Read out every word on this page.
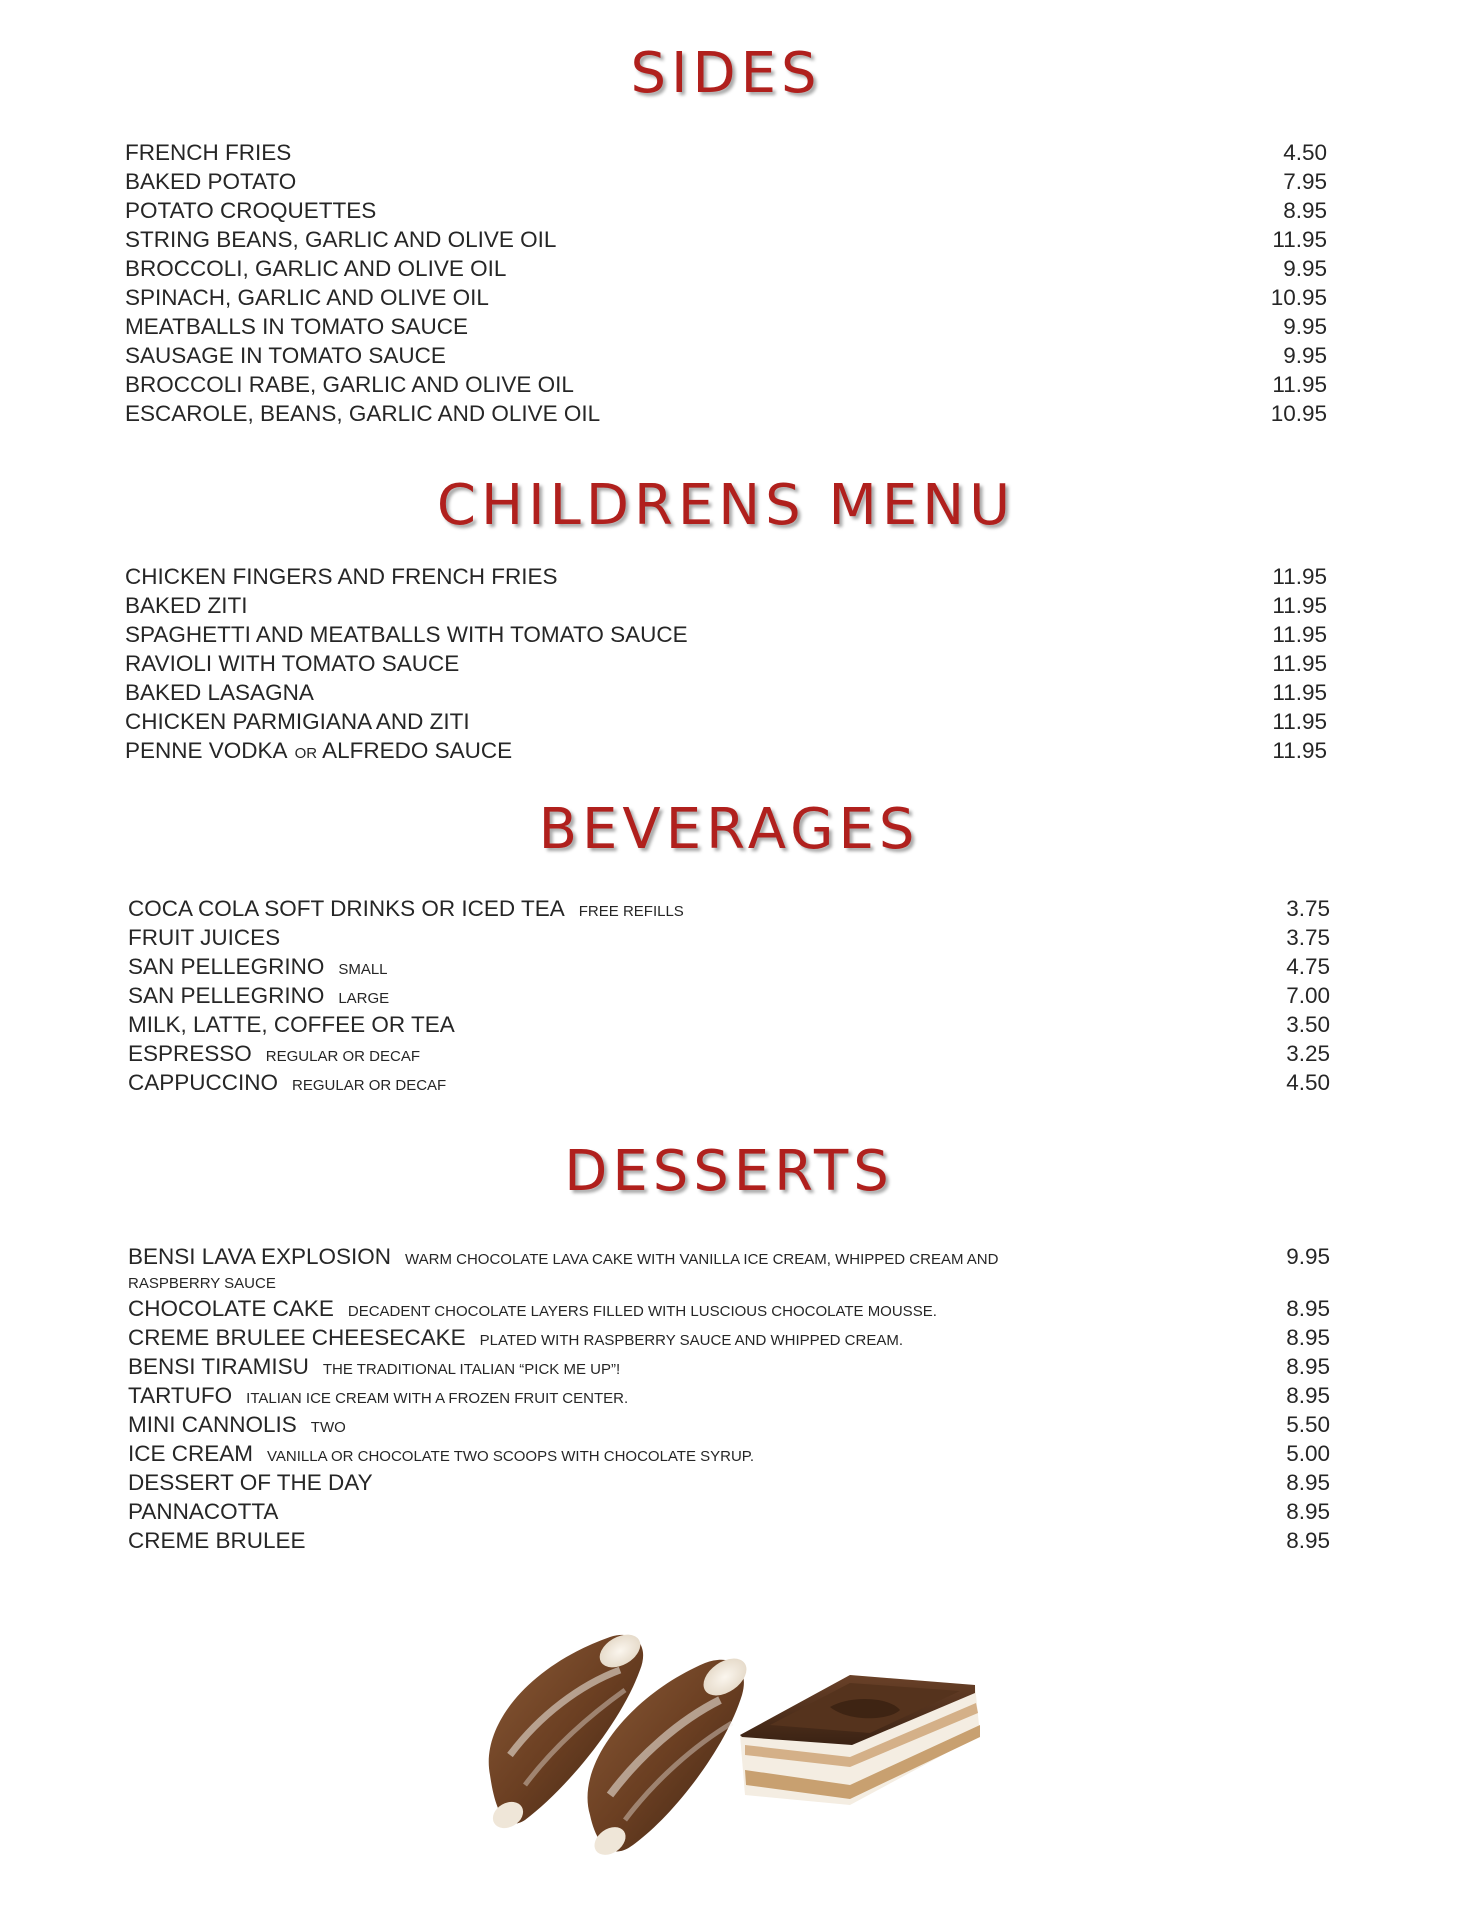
SIDES
FRENCH FRIES	4.50
BAKED POTATO	7.95
POTATO CROQUETTES	8.95
STRING BEANS, GARLIC AND OLIVE OIL	11.95
BROCCOLI, GARLIC AND OLIVE OIL	9.95
SPINACH, GARLIC AND OLIVE OIL	10.95
MEATBALLS IN TOMATO SAUCE	9.95
SAUSAGE IN TOMATO SAUCE	9.95
BROCCOLI RABE, GARLIC AND OLIVE OIL	11.95
ESCAROLE, BEANS, GARLIC AND OLIVE OIL	10.95
CHILDRENS MENU
CHICKEN FINGERS AND FRENCH FRIES	11.95
BAKED ZITI	11.95
SPAGHETTI AND MEATBALLS WITH TOMATO SAUCE	11.95
RAVIOLI WITH TOMATO SAUCE	11.95
BAKED LASAGNA	11.95
CHICKEN PARMIGIANA AND ZITI	11.95
PENNE VODKA OR ALFREDO SAUCE	11.95
BEVERAGES
COCA COLA SOFT DRINKS OR ICED TEA FREE REFILLS	3.75
FRUIT JUICES	3.75
SAN PELLEGRINO SMALL	4.75
SAN PELLEGRINO LARGE	7.00
MILK, LATTE, COFFEE OR TEA	3.50
ESPRESSO REGULAR OR DECAF	3.25
CAPPUCCINO REGULAR OR DECAF	4.50
DESSERTS
BENSI LAVA EXPLOSION WARM CHOCOLATE LAVA CAKE WITH VANILLA ICE CREAM, WHIPPED CREAM AND
RASPBERRY SAUCE
9.95
CHOCOLATE CAKE DECADENT CHOCOLATE LAYERS FILLED WITH LUSCIOUS CHOCOLATE MOUSSE.	8.95
CREME BRULEE CHEESECAKE PLATED WITH RASPBERRY SAUCE AND WHIPPED CREAM.	8.95
BENSI TIRAMISU THE TRADITIONAL ITALIAN “PICK ME UP”!	8.95
TARTUFO ITALIAN ICE CREAM WITH A FROZEN FRUIT CENTER.	8.95
MINI CANNOLIS TWO	5.50
ICE CREAM VANILLA OR CHOCOLATE TWO SCOOPS WITH CHOCOLATE SYRUP.	5.00
DESSERT OF THE DAY	8.95
PANNACOTTA	8.95
CREME BRULEE	8.95
